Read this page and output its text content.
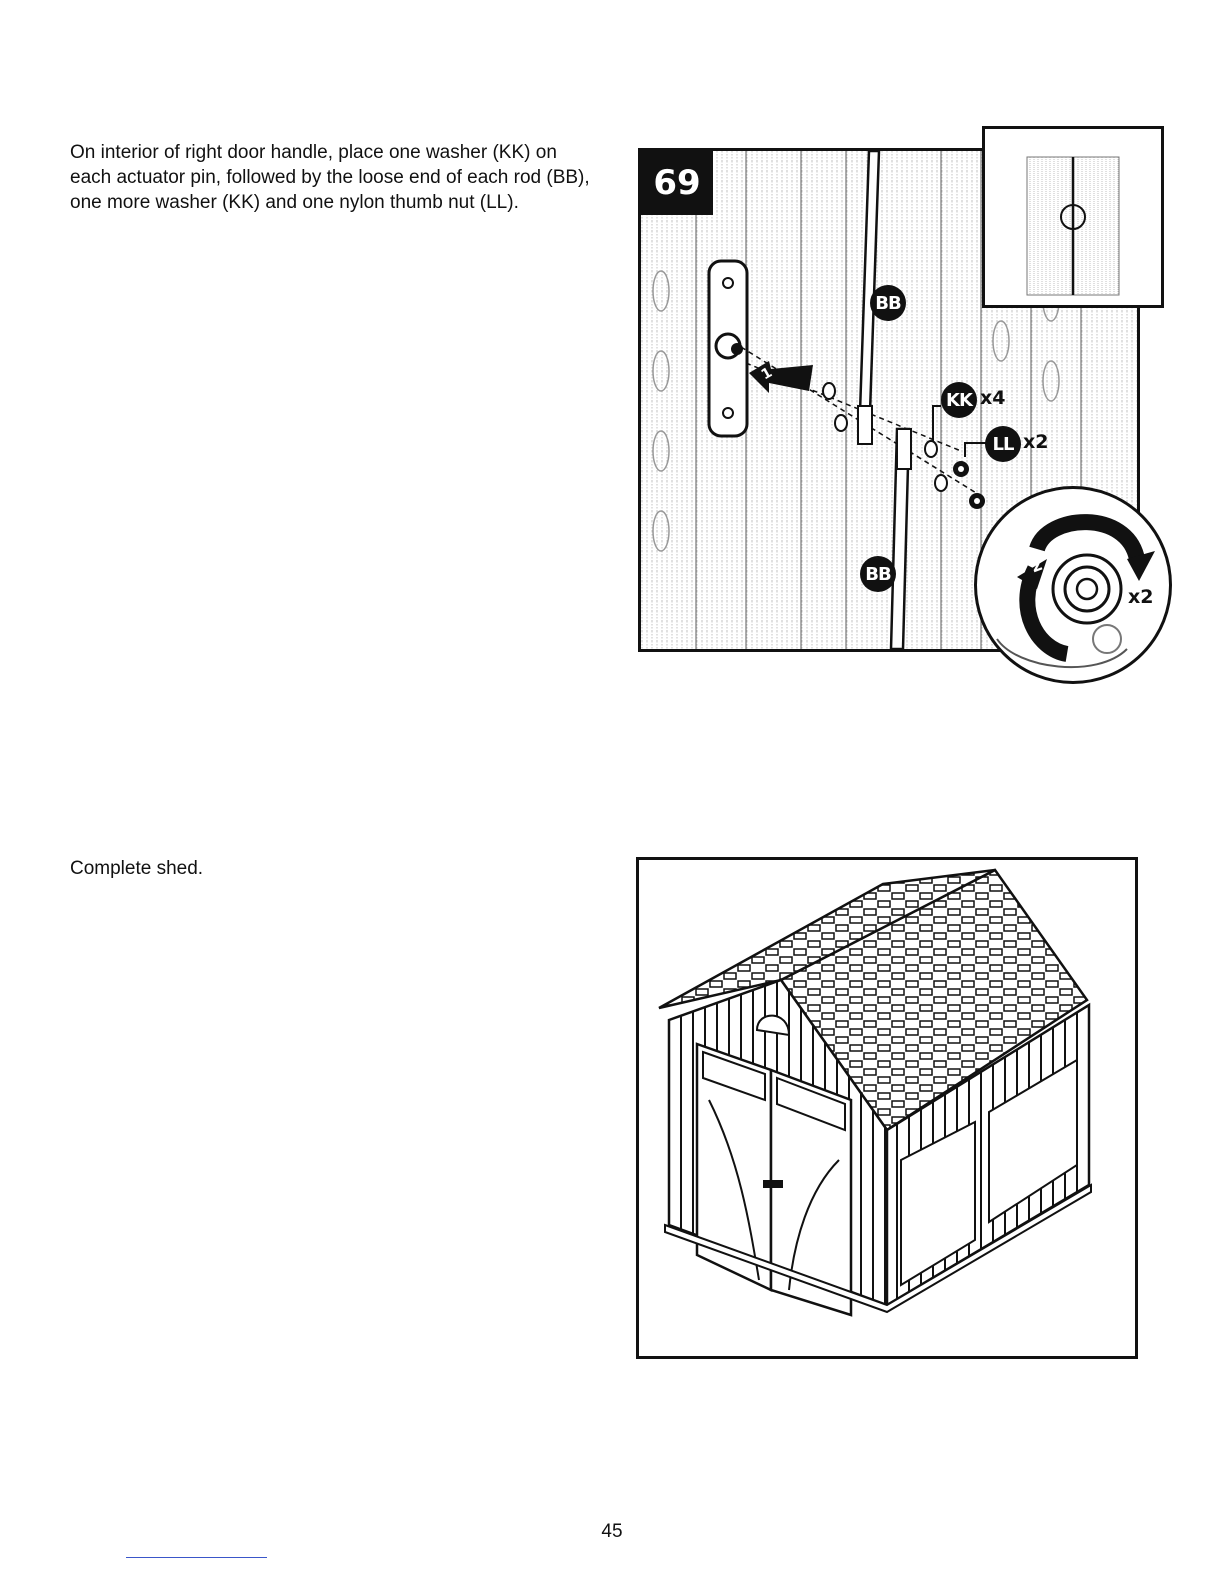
On interior of right door handle, place one washer (KK) on each actuator pin, followed by the loose end of each rod (BB), one more washer (KK) and one nylon thumb nut (LL).

Complete shed.

69
BB
BB
KK x4
LL x2
1
2
x2

45
